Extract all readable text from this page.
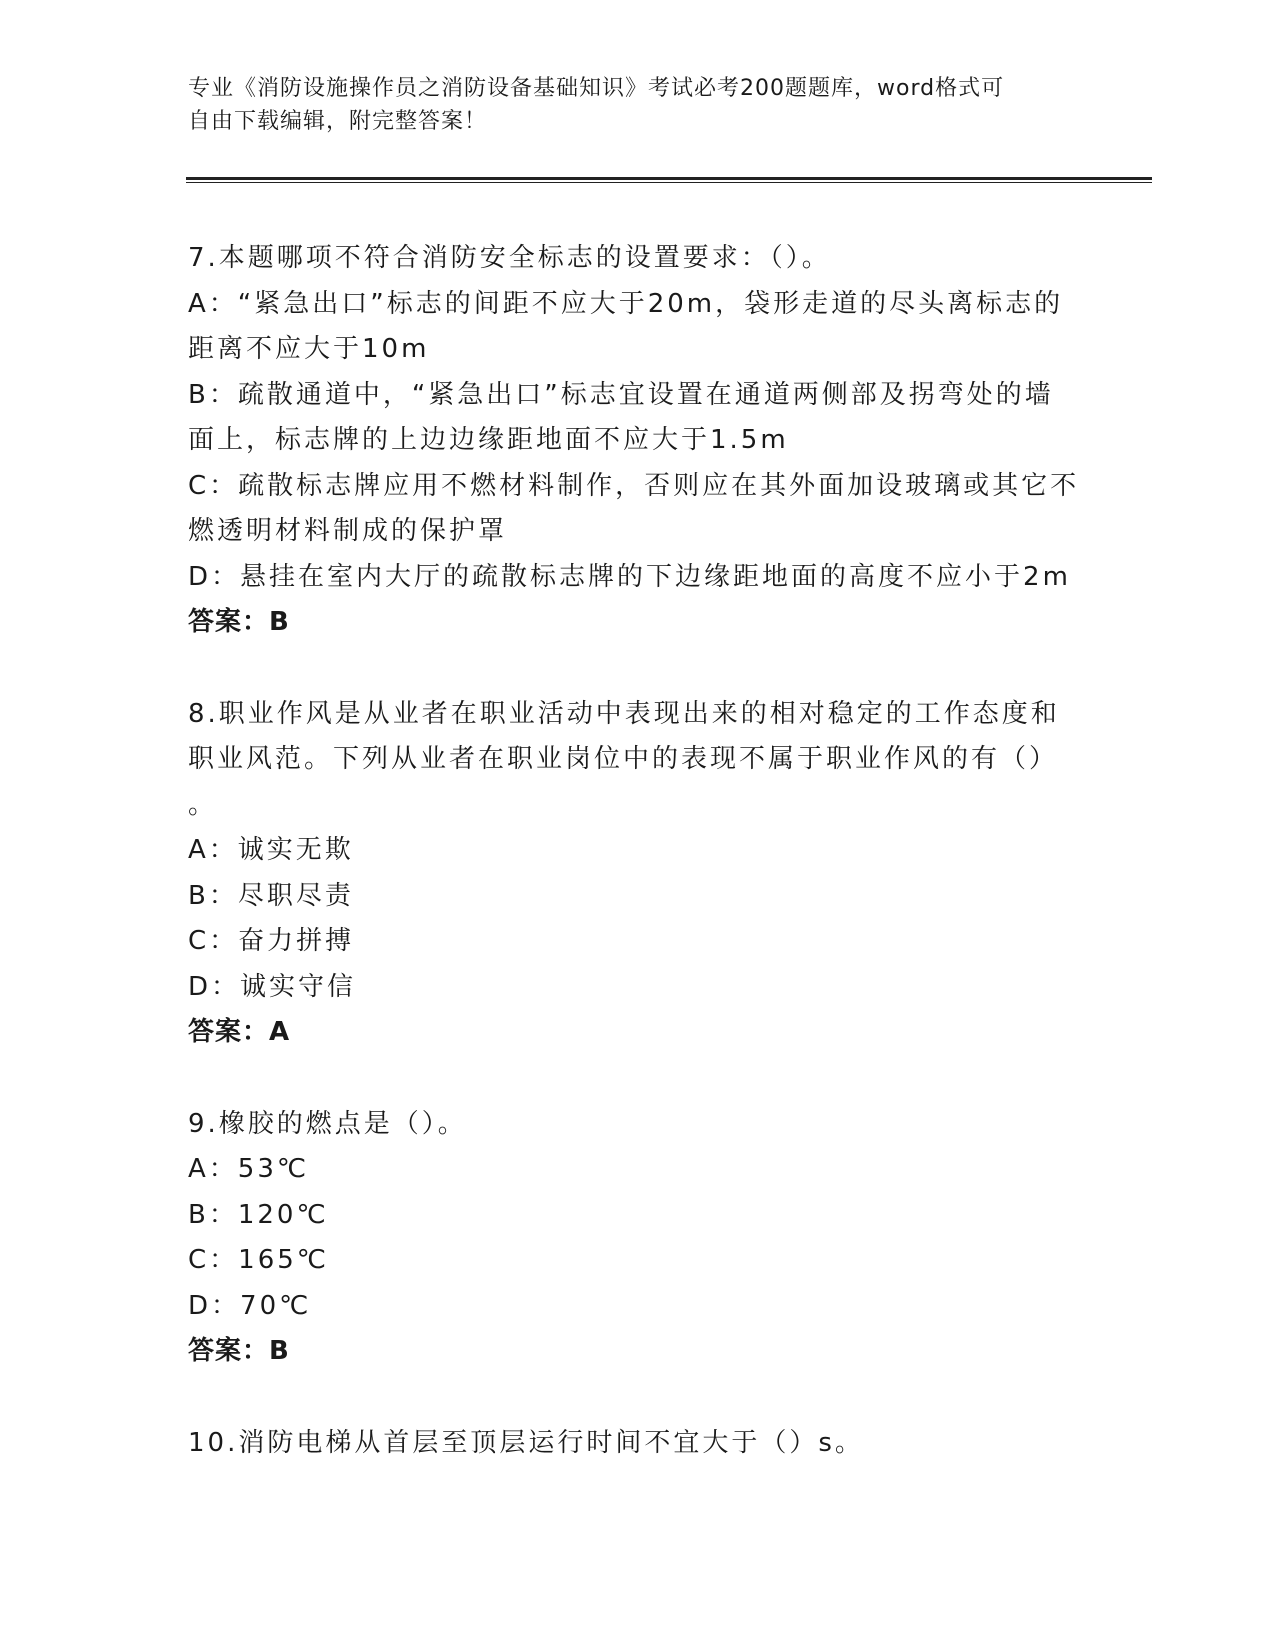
专业《消防设施操作员之消防设备基础知识》考试必考200题题库，word格式可
自由下载编辑，附完整答案！
7.本题哪项不符合消防安全标志的设置要求：（）。
A：“紧急出口”标志的间距不应大于20m，袋形走道的尽头离标志的
距离不应大于10m
B：疏散通道中，“紧急出口”标志宜设置在通道两侧部及拐弯处的墙
面上，标志牌的上边边缘距地面不应大于1.5m
C：疏散标志牌应用不燃材料制作，否则应在其外面加设玻璃或其它不
燃透明材料制成的保护罩
D：悬挂在室内大厅的疏散标志牌的下边缘距地面的高度不应小于2m
答案：B
8.职业作风是从业者在职业活动中表现出来的相对稳定的工作态度和
职业风范。下列从业者在职业岗位中的表现不属于职业作风的有（）
。
A：诚实无欺
B：尽职尽责
C：奋力拼搏
D：诚实守信
答案：A
9.橡胶的燃点是（）。
A：53℃
B：120℃
C：165℃
D：70℃
答案：B
10.消防电梯从首层至顶层运行时间不宜大于（）s。
